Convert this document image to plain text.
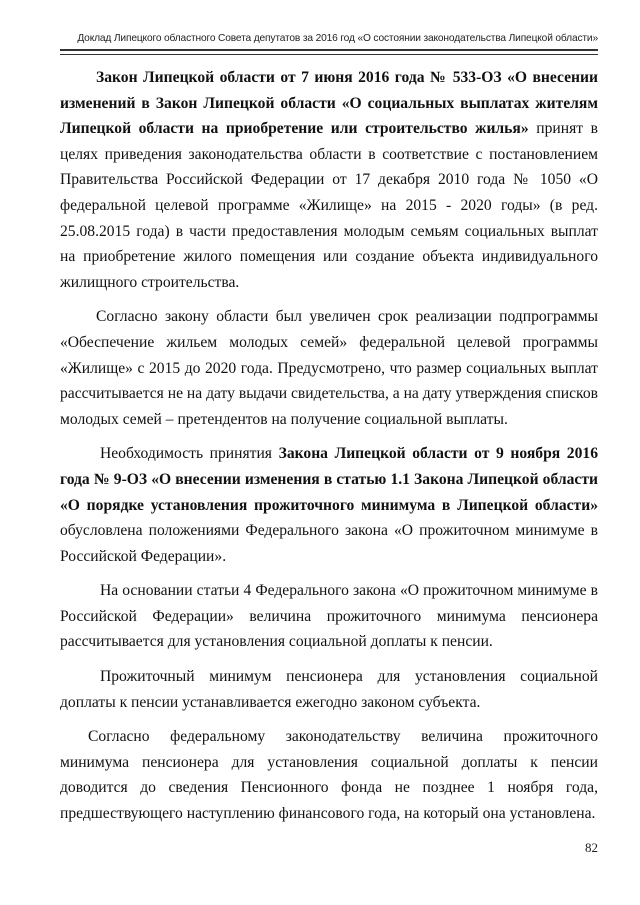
Доклад Липецкого областного Совета депутатов за 2016 год «О состоянии законодательства Липецкой области»

Закон Липецкой области от 7 июня 2016 года № 533-ОЗ «О внесении изменений в Закон Липецкой области «О социальных выплатах жителям Липецкой области на приобретение или строительство жилья» принят в целях приведения законодательства области в соответствие с постановлением Правительства Российской Федерации от 17 декабря 2010 года № 1050 «О федеральной целевой программе «Жилище» на 2015 - 2020 годы» (в ред. 25.08.2015 года) в части предоставления молодым семьям социальных выплат на приобретение жилого помещения или создание объекта индивидуального жилищного строительства.

Согласно закону области был увеличен срок реализации подпрограммы «Обеспечение жильем молодых семей» федеральной целевой программы «Жилище» с 2015 до 2020 года. Предусмотрено, что размер социальных выплат рассчитывается не на дату выдачи свидетельства, а на дату утверждения списков молодых семей – претендентов на получение социальной выплаты.

Необходимость принятия Закона Липецкой области от 9 ноября 2016 года № 9-ОЗ «О внесении изменения в статью 1.1 Закона Липецкой области «О порядке установления прожиточного минимума в Липецкой области» обусловлена положениями Федерального закона «О прожиточном минимуме в Российской Федерации».

На основании статьи 4 Федерального закона «О прожиточном минимуме в Российской Федерации» величина прожиточного минимума пенсионера рассчитывается для установления социальной доплаты к пенсии.

Прожиточный минимум пенсионера для установления социальной доплаты к пенсии устанавливается ежегодно законом субъекта.

Согласно федеральному законодательству величина прожиточного минимума пенсионера для установления социальной доплаты к пенсии доводится до сведения Пенсионного фонда не позднее 1 ноября года, предшествующего наступлению финансового года, на который она установлена.

82
